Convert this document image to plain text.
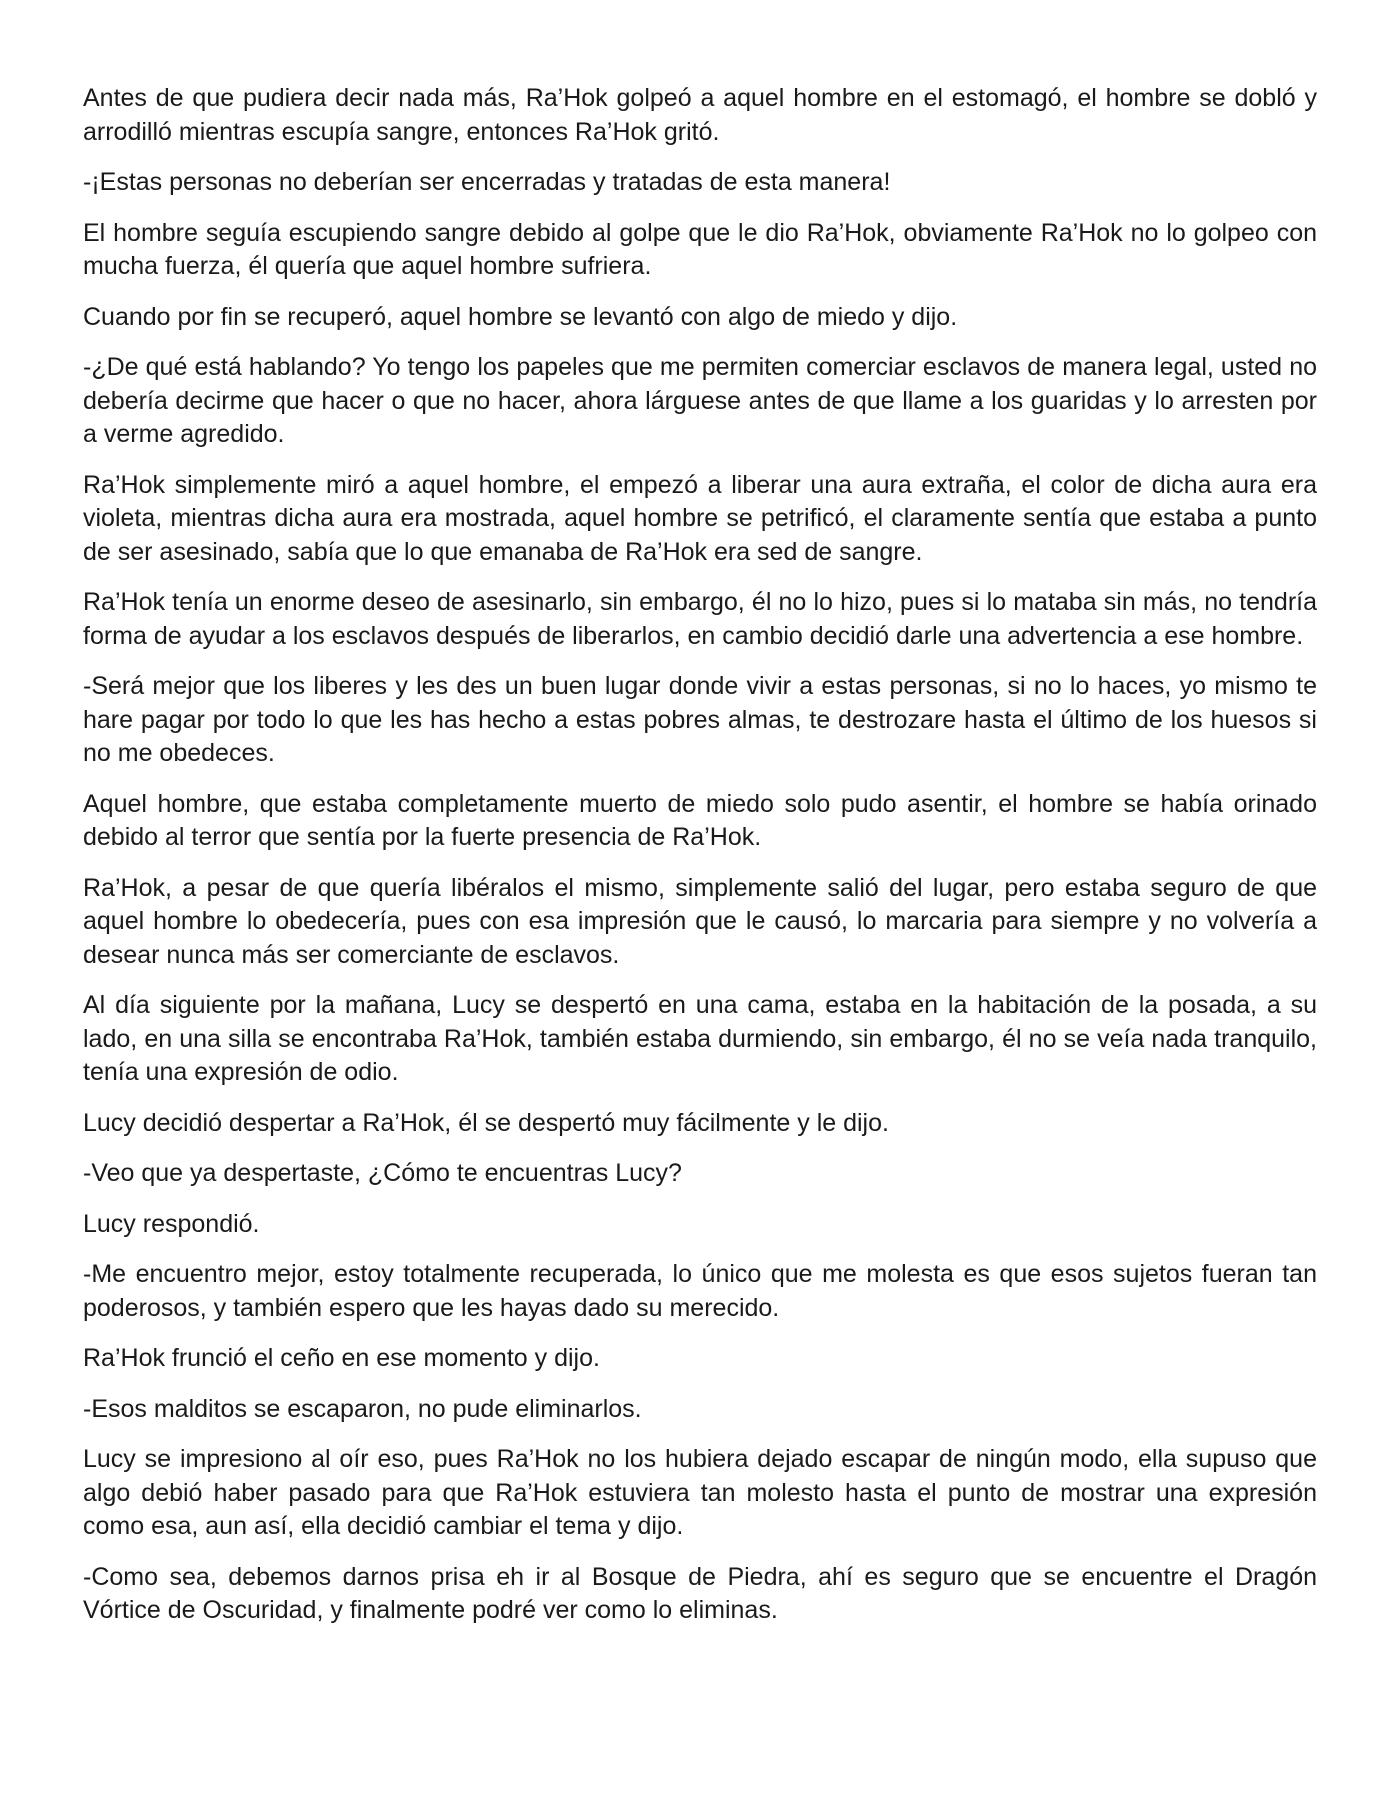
Antes de que pudiera decir nada más, Ra’Hok golpeó a aquel hombre en el estomagó, el hombre se dobló y arrodilló mientras escupía sangre, entonces Ra’Hok gritó.

-¡Estas personas no deberían ser encerradas y tratadas de esta manera!

El hombre seguía escupiendo sangre debido al golpe que le dio Ra’Hok, obviamente Ra’Hok no lo golpeo con mucha fuerza, él quería que aquel hombre sufriera.

Cuando por fin se recuperó, aquel hombre se levantó con algo de miedo y dijo.

-¿De qué está hablando? Yo tengo los papeles que me permiten comerciar esclavos de manera legal, usted no debería decirme que hacer o que no hacer, ahora lárguese antes de que llame a los guaridas y lo arresten por a verme agredido.

Ra’Hok simplemente miró a aquel hombre, el empezó a liberar una aura extraña, el color de dicha aura era violeta, mientras dicha aura era mostrada, aquel hombre se petrificó, el claramente sentía que estaba a punto de ser asesinado, sabía que lo que emanaba de Ra’Hok era sed de sangre.

Ra’Hok tenía un enorme deseo de asesinarlo, sin embargo, él no lo hizo, pues si lo mataba sin más, no tendría forma de ayudar a los esclavos después de liberarlos, en cambio decidió darle una advertencia a ese hombre.

-Será mejor que los liberes y les des un buen lugar donde vivir a estas personas, si no lo haces, yo mismo te hare pagar por todo lo que les has hecho a estas pobres almas, te destrozare hasta el último de los huesos si no me obedeces.

Aquel hombre, que estaba completamente muerto de miedo solo pudo asentir, el hombre se había orinado debido al terror que sentía por la fuerte presencia de Ra’Hok.

Ra’Hok, a pesar de que quería libéralos el mismo, simplemente salió del lugar, pero estaba seguro de que aquel hombre lo obedecería, pues con esa impresión que le causó, lo marcaria para siempre y no volvería a desear nunca más ser comerciante de esclavos.

Al día siguiente por la mañana, Lucy se despertó en una cama, estaba en la habitación de la posada, a su lado, en una silla se encontraba Ra’Hok, también estaba durmiendo, sin embargo, él no se veía nada tranquilo, tenía una expresión de odio.

Lucy decidió despertar a Ra’Hok, él se despertó muy fácilmente y le dijo.

-Veo que ya despertaste, ¿Cómo te encuentras Lucy?

Lucy respondió.

-Me encuentro mejor, estoy totalmente recuperada, lo único que me molesta es que esos sujetos fueran tan poderosos, y también espero que les hayas dado su merecido.

Ra’Hok frunció el ceño en ese momento y dijo.

-Esos malditos se escaparon, no pude eliminarlos.

Lucy se impresiono al oír eso, pues Ra’Hok no los hubiera dejado escapar de ningún modo, ella supuso que algo debió haber pasado para que Ra’Hok estuviera tan molesto hasta el punto de mostrar una expresión como esa, aun así, ella decidió cambiar el tema y dijo.

-Como sea, debemos darnos prisa eh ir al Bosque de Piedra, ahí es seguro que se encuentre el Dragón Vórtice de Oscuridad, y finalmente podré ver como lo eliminas.
